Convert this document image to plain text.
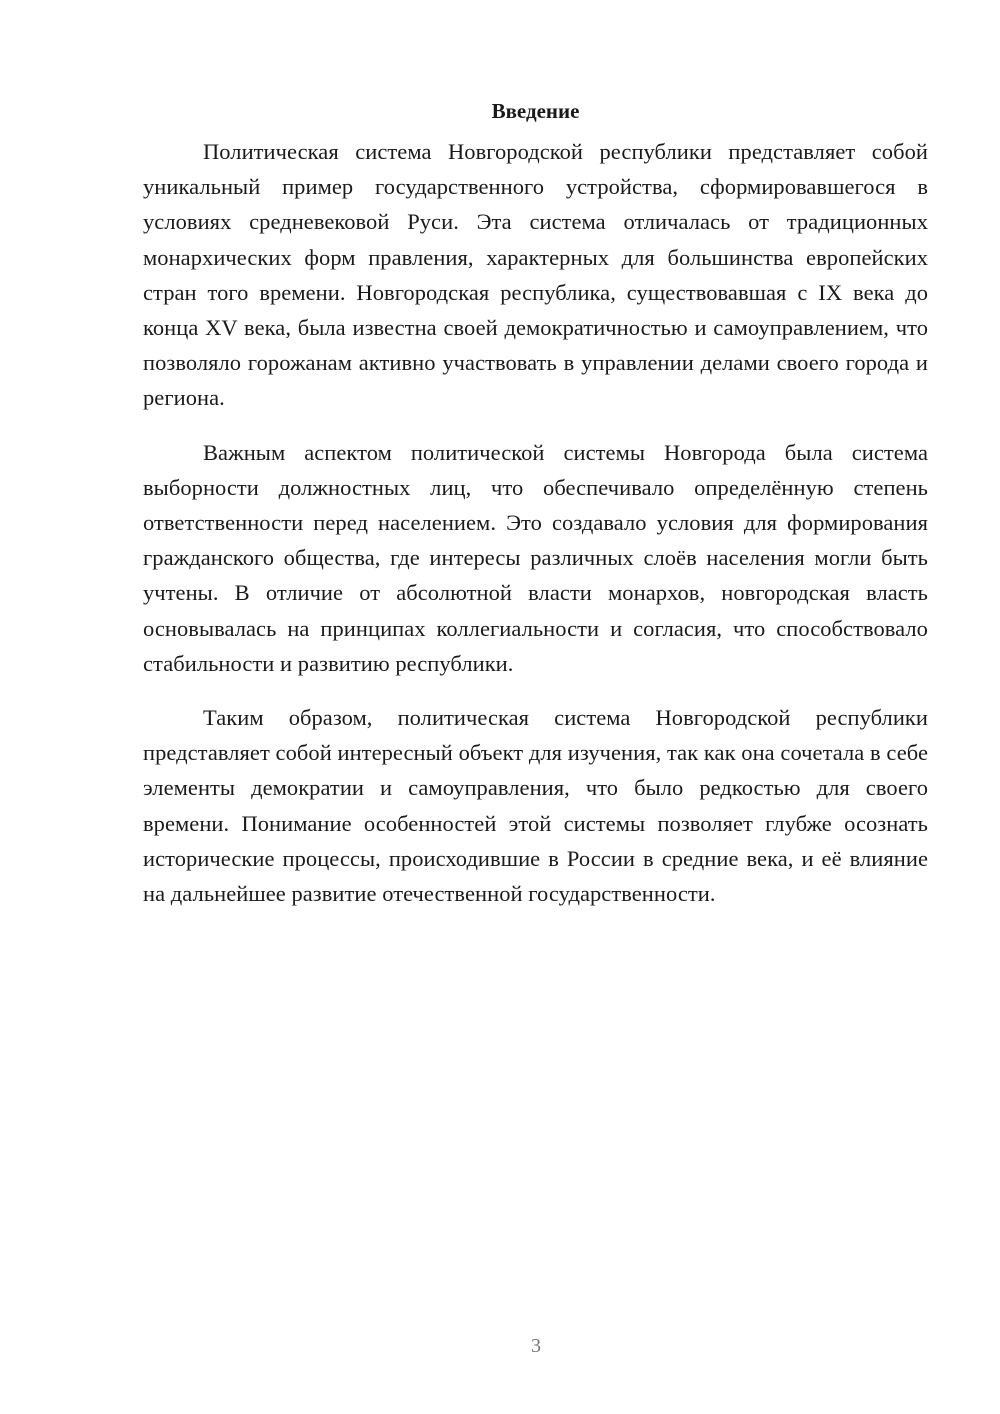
Введение

Политическая система Новгородской республики представляет собой уникальный пример государственного устройства, сформировавшегося в условиях средневековой Руси. Эта система отличалась от традиционных монархических форм правления, характерных для большинства европейских стран того времени. Новгородская республика, существовавшая с IX века до конца XV века, была известна своей демократичностью и самоуправлением, что позволяло горожанам активно участвовать в управлении делами своего города и региона.

Важным аспектом политической системы Новгорода была система выборности должностных лиц, что обеспечивало определённую степень ответственности перед населением. Это создавало условия для формирования гражданского общества, где интересы различных слоёв населения могли быть учтены. В отличие от абсолютной власти монархов, новгородская власть основывалась на принципах коллегиальности и согласия, что способствовало стабильности и развитию республики.

Таким образом, политическая система Новгородской республики представляет собой интересный объект для изучения, так как она сочетала в себе элементы демократии и самоуправления, что было редкостью для своего времени. Понимание особенностей этой системы позволяет глубже осознать исторические процессы, происходившие в России в средние века, и её влияние на дальнейшее развитие отечественной государственности.

3
